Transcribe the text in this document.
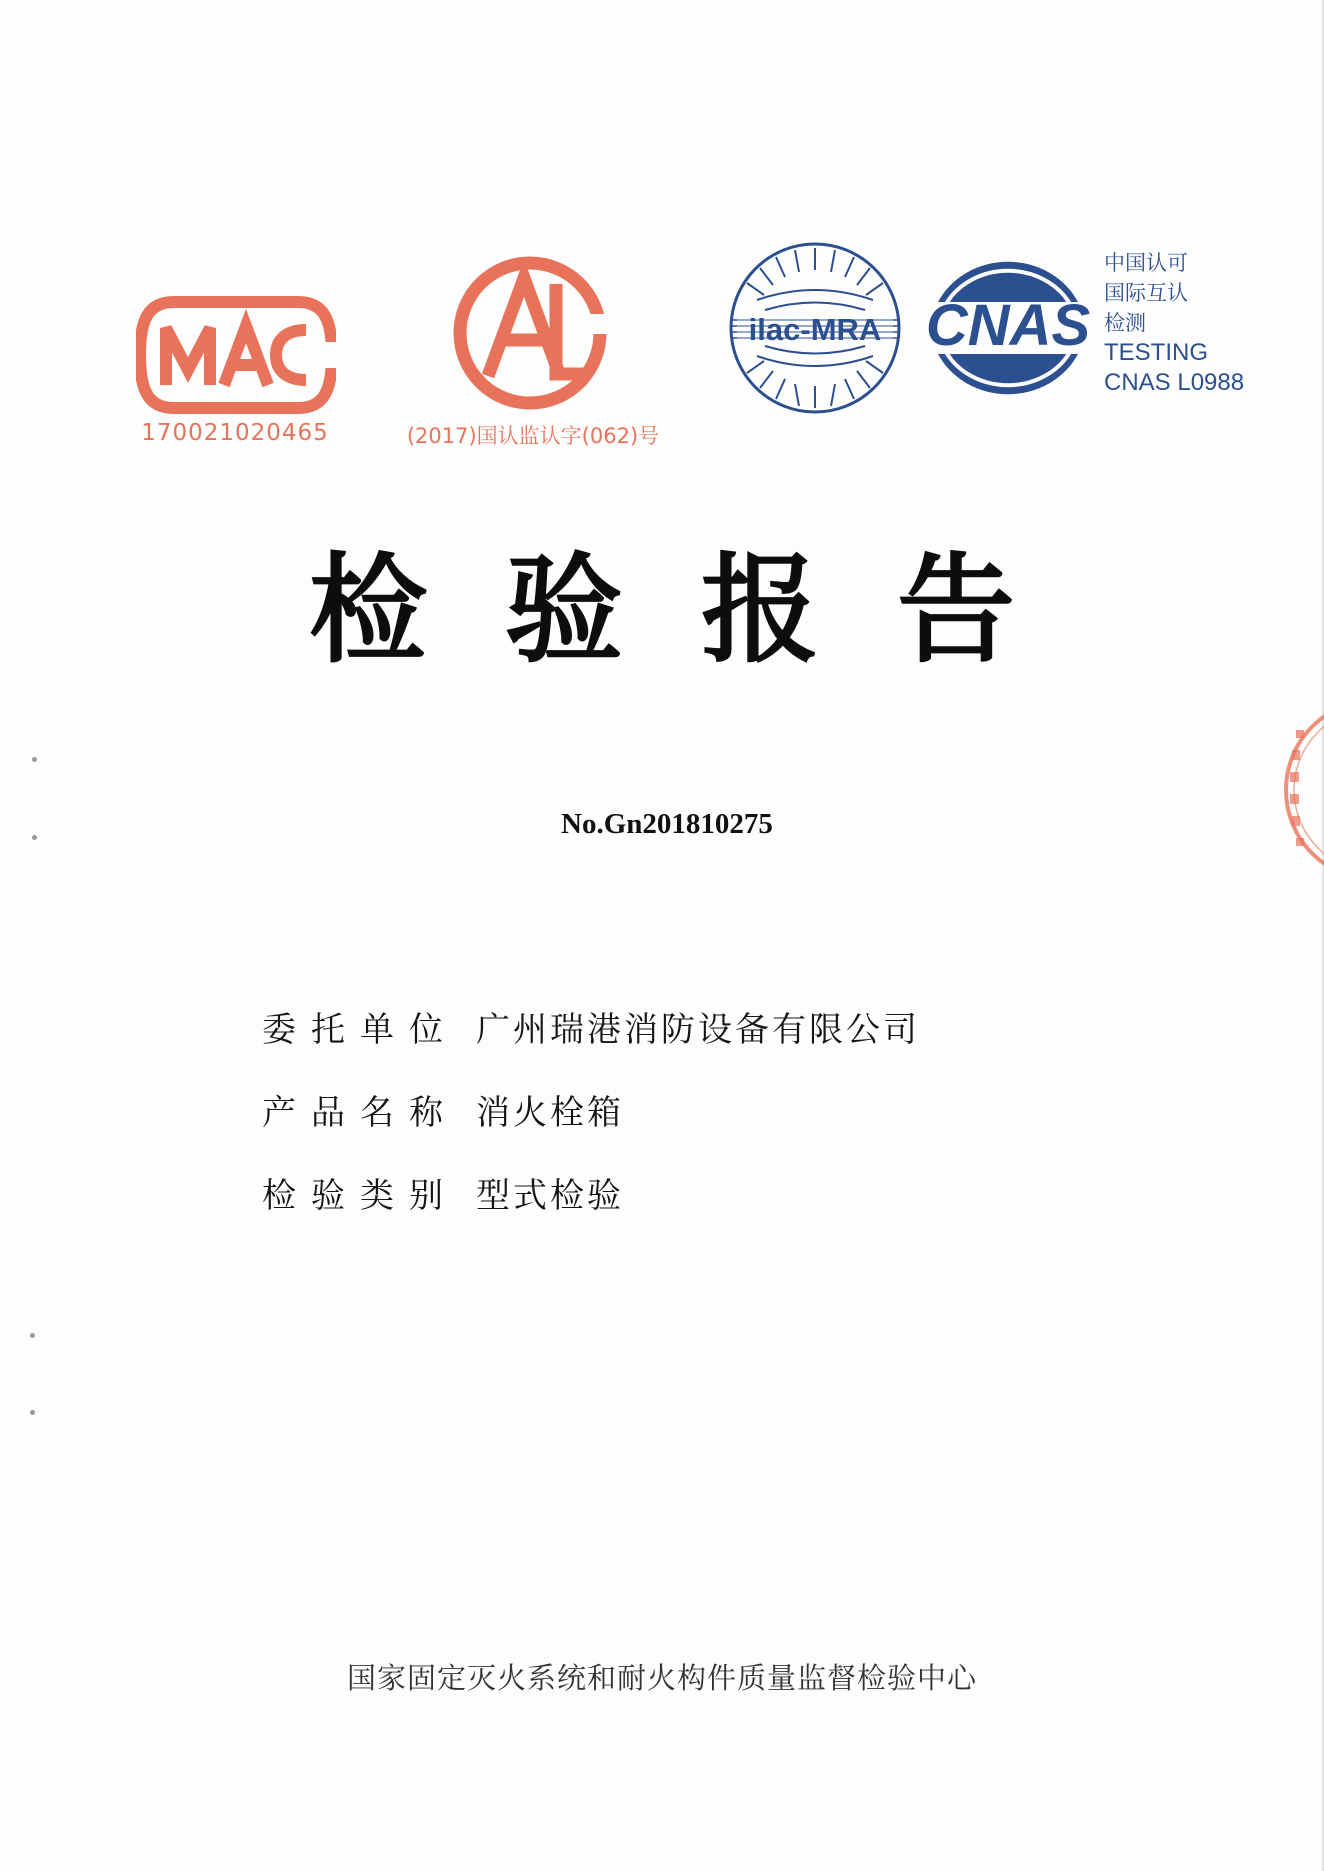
170021020465	(2017)国认监认字(062)号
ilac-MRA CNAS
中国认可
国际互认
检测
TESTING
CNAS L0988
检验报告
No.Gn201810275
委托单位 广州瑞港消防设备有限公司
产品名称 消火栓箱
检验类别 型式检验
国家固定灭火系统和耐火构件质量监督检验中心
